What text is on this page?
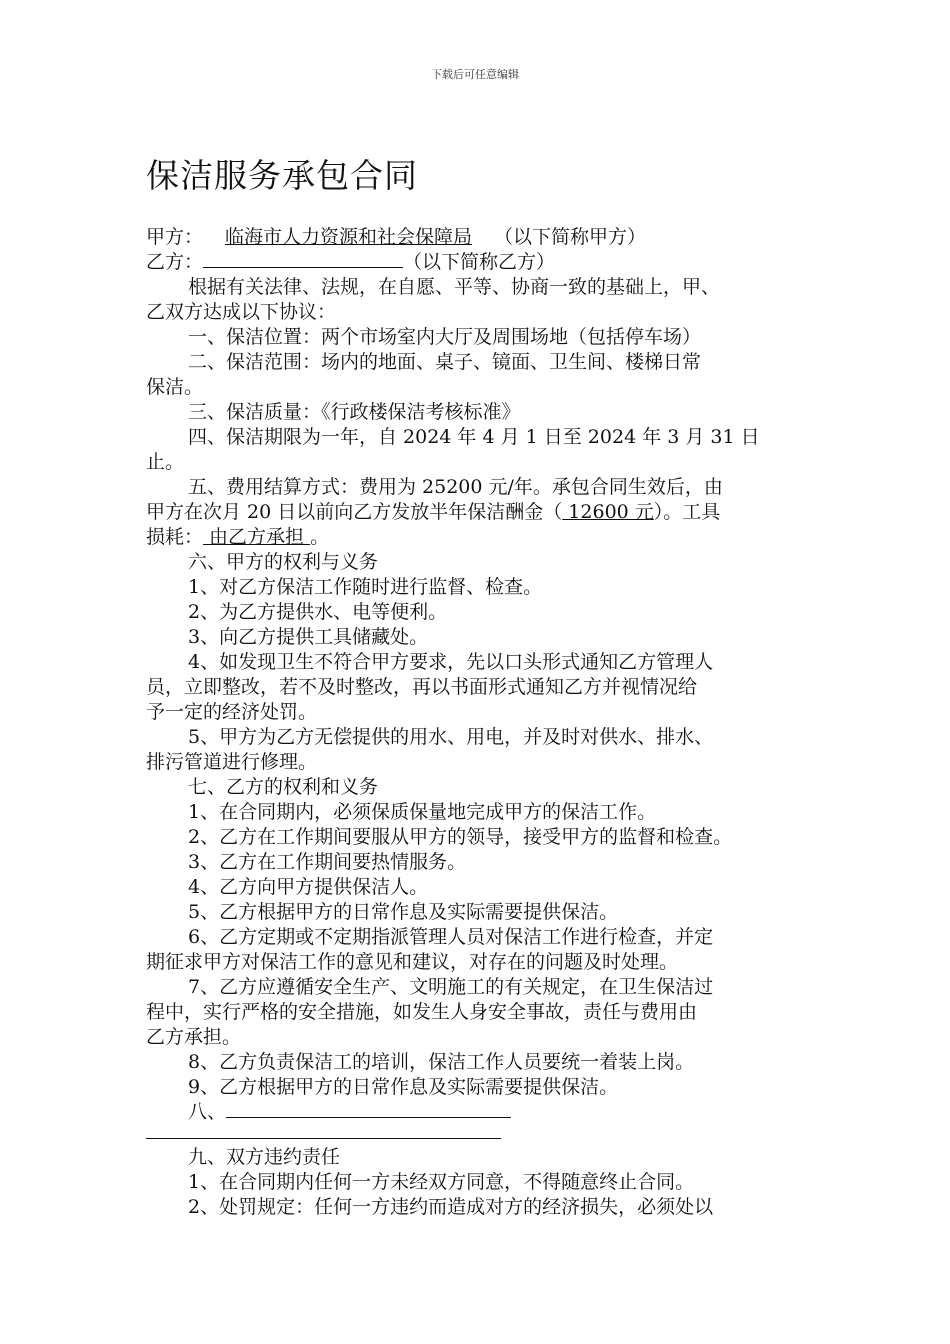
下载后可任意编辑
保洁服务承包合同
甲方： 临海市人力资源和社会保障局 （以下简称甲方）
乙方：	（以下简称乙方）
根据有关法律、法规，在自愿、平等、协商一致的基础上，甲、
乙双方达成以下协议：
一、保洁位置：两个市场室内大厅及周围场地（包括停车场）
二、保洁范围：场内的地面、桌子、镜面、卫生间、楼梯日常
保洁。
三、保洁质量：《行政楼保洁考核标准》
四、保洁期限为一年，自 2024 年 4 月 1 日至 2024 年 3 月 31 日
止。
五、费用结算方式：费用为 25200 元/年。承包合同生效后，由
甲方在次月 20 日以前向乙方发放半年保洁酬金（ 12600 元）。工具
损耗： 由乙方承担 。
六、甲方的权利与义务
1、对乙方保洁工作随时进行监督、检查。
2、为乙方提供水、电等便利。
3、向乙方提供工具储藏处。
4、如发现卫生不符合甲方要求，先以口头形式通知乙方管理人
员，立即整改，若不及时整改，再以书面形式通知乙方并视情况给
予一定的经济处罚。
5、甲方为乙方无偿提供的用水、用电，并及时对供水、排水、
排污管道进行修理。
七、乙方的权利和义务
1、在合同期内，必须保质保量地完成甲方的保洁工作。
2、乙方在工作期间要服从甲方的领导，接受甲方的监督和检查。
3、乙方在工作期间要热情服务。
4、乙方向甲方提供保洁人。
5、乙方根据甲方的日常作息及实际需要提供保洁。
6、乙方定期或不定期指派管理人员对保洁工作进行检查，并定
期征求甲方对保洁工作的意见和建议，对存在的问题及时处理。
7、乙方应遵循安全生产、文明施工的有关规定，在卫生保洁过
程中，实行严格的安全措施，如发生人身安全事故，责任与费用由
乙方承担。
8、乙方负责保洁工的培训，保洁工作人员要统一着装上岗。
9、乙方根据甲方的日常作息及实际需要提供保洁。
八、
九、双方违约责任
1、在合同期内任何一方未经双方同意，不得随意终止合同。
2、处罚规定：任何一方违约而造成对方的经济损失，必须处以
